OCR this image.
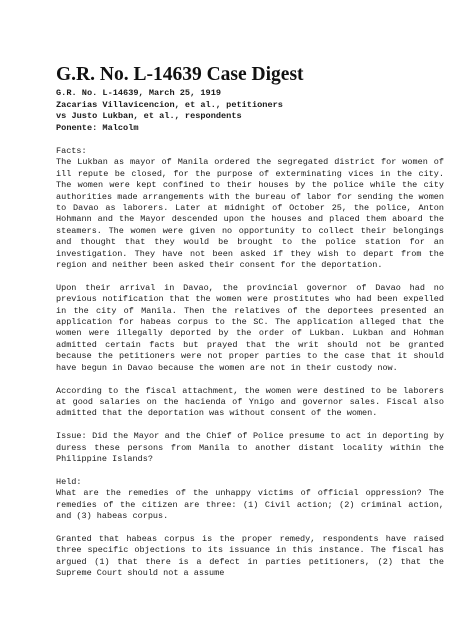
G.R. No. L-14639 Case Digest
G.R. No. L-14639, March 25, 1919
Zacarias Villavicencion, et al., petitioners
vs Justo Lukban, et al., respondents
Ponente: Malcolm
Facts:

The Lukban as mayor of Manila ordered the segregated district for women of ill repute be closed, for the purpose of exterminating vices in the city. The women were kept confined to their houses by the police while the city authorities made arrangements with the bureau of labor for sending the women to Davao as laborers. Later at midnight of October 25, the police, Anton Hohmann and the Mayor descended upon the houses and placed them aboard the steamers. The women were given no opportunity to collect their belongings and thought that they would be brought to the police station for an investigation. They have not been asked if they wish to depart from the region and neither been asked their consent for the deportation.

Upon their arrival in Davao, the provincial governor of Davao had no previous notification that the women were prostitutes who had been expelled in the city of Manila. Then the relatives of the deportees presented an application for habeas corpus to the SC. The application alleged that the women were illegally deported by the order of Lukban. Lukban and Hohman admitted certain facts but prayed that the writ should not be granted because the petitioners were not proper parties to the case that it should have begun in Davao because the women are not in their custody now.

According to the fiscal attachment, the women were destined to be laborers at good salaries on the hacienda of Ynigo and governor sales. Fiscal also admitted that the deportation was without consent of the women.

Issue: Did the Mayor and the Chief of Police presume to act in deporting by duress these persons from Manila to another distant locality within the Philippine Islands?

Held:

What are the remedies of the unhappy victims of official oppression? The remedies of the citizen are three: (1) Civil action; (2) criminal action, and (3) habeas corpus.

Granted that habeas corpus is the proper remedy, respondents have raised three specific objections to its issuance in this instance. The fiscal has argued (1) that there is a defect in parties petitioners, (2) that the Supreme Court should not a assume
